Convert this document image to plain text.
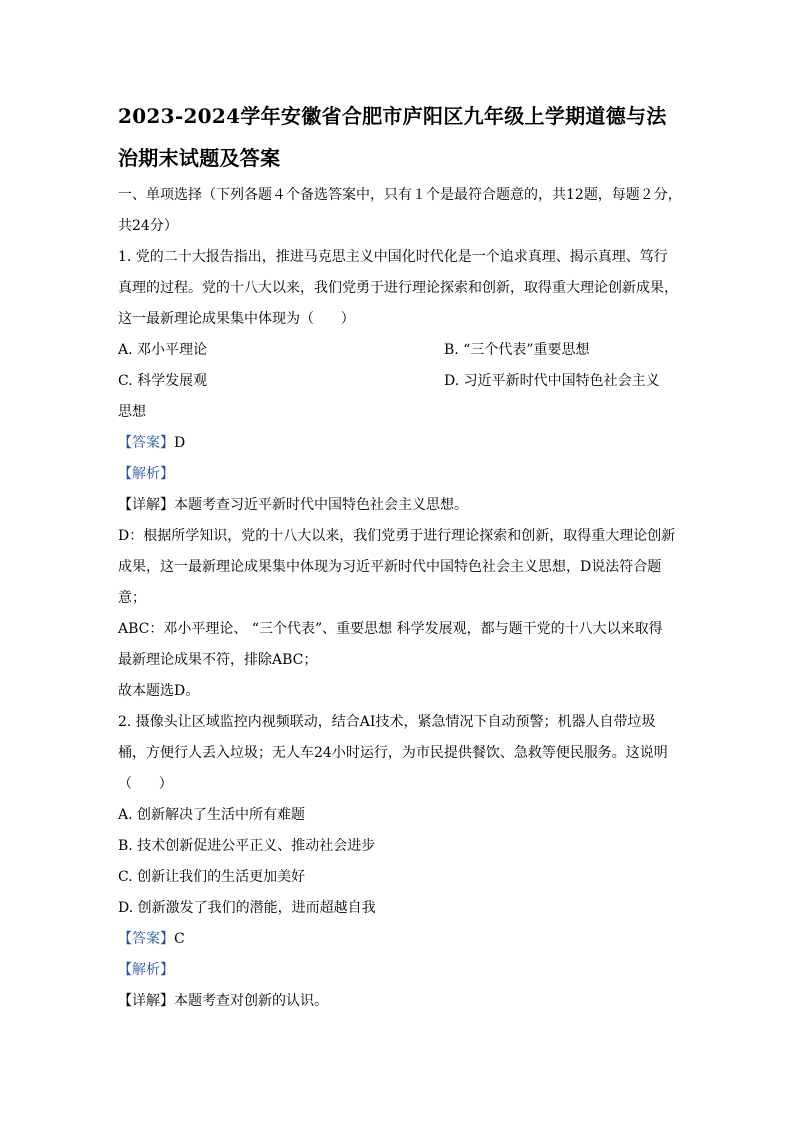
2023-2024学年安徽省合肥市庐阳区九年级上学期道德与法

治期末试题及答案

一、单项选择（下列各题４个备选答案中，只有１个是最符合题意的，共12题，每题２分，

共24分）

1. 党的二十大报告指出，推进马克思主义中国化时代化是一个追求真理、揭示真理、笃行

真理的过程。党的十八大以来，我们党勇于进行理论探索和创新，取得重大理论创新成果，

这一最新理论成果集中体现为（      ）

A. 邓小平理论	B. “三个代表”重要思想
C. 科学发展观	D. 习近平新时代中国特色社会主义

思想

【答案】D

【解析】

【详解】本题考查习近平新时代中国特色社会主义思想。

D：根据所学知识，党的十八大以来，我们党勇于进行理论探索和创新，取得重大理论创新

成果，这一最新理论成果集中体现为习近平新时代中国特色社会主义思想，D说法符合题

意；

ABC：邓小平理论、 “三个代表”、重要思想 科学发展观，都与题干党的十八大以来取得

最新理论成果不符，排除ABC；

故本题选D。

2. 摄像头让区域监控内视频联动，结合AI技术，紧急情况下自动预警；机器人自带垃圾

桶，方便行人丢入垃圾；无人车24小时运行，为市民提供餐饮、急救等便民服务。这说明

（      ）

A. 创新解决了生活中所有难题

B. 技术创新促进公平正义、推动社会进步

C. 创新让我们的生活更加美好

D. 创新激发了我们的潜能，进而超越自我

【答案】C

【解析】

【详解】本题考查对创新的认识。
